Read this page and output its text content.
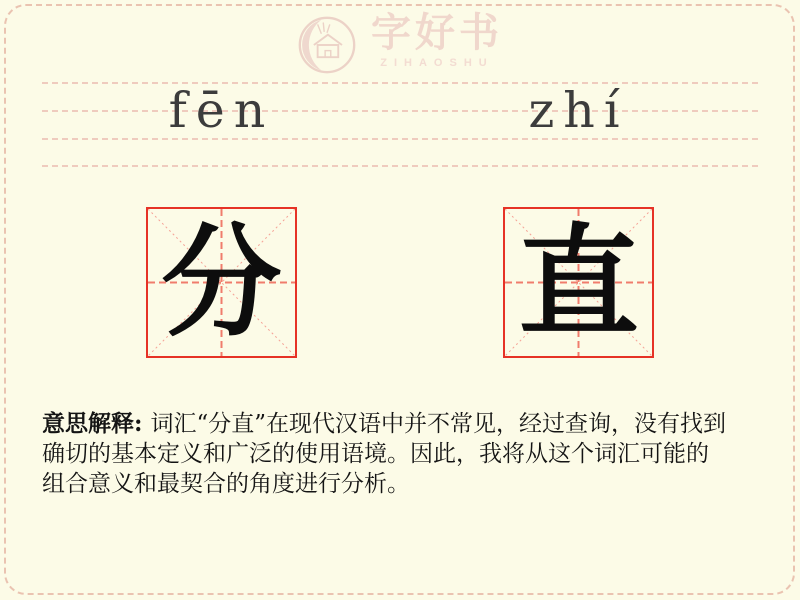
字好书
ZIHAOSHU
fēn	zhí
分 直

意思解释: 词汇“分直”在现代汉语中并不常见，经过查询，没有找到确切的基本定义和广泛的使用语境。因此，我将从这个词汇可能的组合意义和最契合的角度进行分析。
